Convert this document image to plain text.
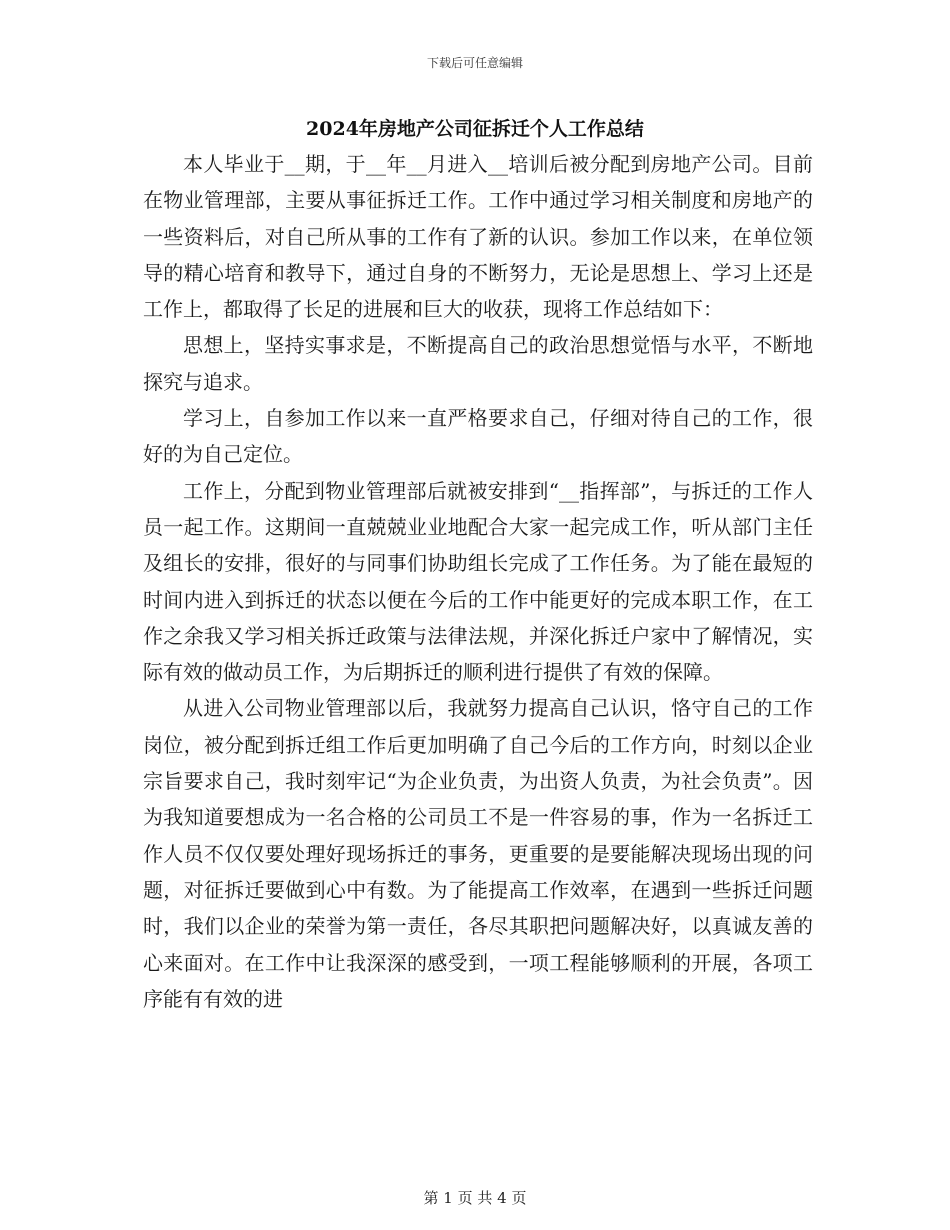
下载后可任意编辑
2024年房地产公司征拆迁个人工作总结

本人毕业于__期，于__年__月进入__培训后被分配到房地产公司。目前在物业管理部，主要从事征拆迁工作。工作中通过学习相关制度和房地产的一些资料后，对自己所从事的工作有了新的认识。参加工作以来，在单位领导的精心培育和教导下，通过自身的不断努力，无论是思想上、学习上还是工作上，都取得了长足的进展和巨大的收获，现将工作总结如下：

思想上，坚持实事求是，不断提高自己的政治思想觉悟与水平，不断地探究与追求。

学习上，自参加工作以来一直严格要求自己，仔细对待自己的工作，很好的为自己定位。

工作上，分配到物业管理部后就被安排到“__指挥部”，与拆迁的工作人员一起工作。这期间一直兢兢业业地配合大家一起完成工作，听从部门主任及组长的安排，很好的与同事们协助组长完成了工作任务。为了能在最短的时间内进入到拆迁的状态以便在今后的工作中能更好的完成本职工作，在工作之余我又学习相关拆迁政策与法律法规，并深化拆迁户家中了解情况，实际有效的做动员工作，为后期拆迁的顺利进行提供了有效的保障。

从进入公司物业管理部以后，我就努力提高自己认识，恪守自己的工作岗位，被分配到拆迁组工作后更加明确了自己今后的工作方向，时刻以企业宗旨要求自己，我时刻牢记“为企业负责，为出资人负责，为社会负责”。因为我知道要想成为一名合格的公司员工不是一件容易的事，作为一名拆迁工作人员不仅仅要处理好现场拆迁的事务，更重要的是要能解决现场出现的问题，对征拆迁要做到心中有数。为了能提高工作效率，在遇到一些拆迁问题时，我们以企业的荣誉为第一责任，各尽其职把问题解决好，以真诚友善的心来面对。在工作中让我深深的感受到，一项工程能够顺利的开展，各项工序能有有效的进

第 1 页 共 4 页
